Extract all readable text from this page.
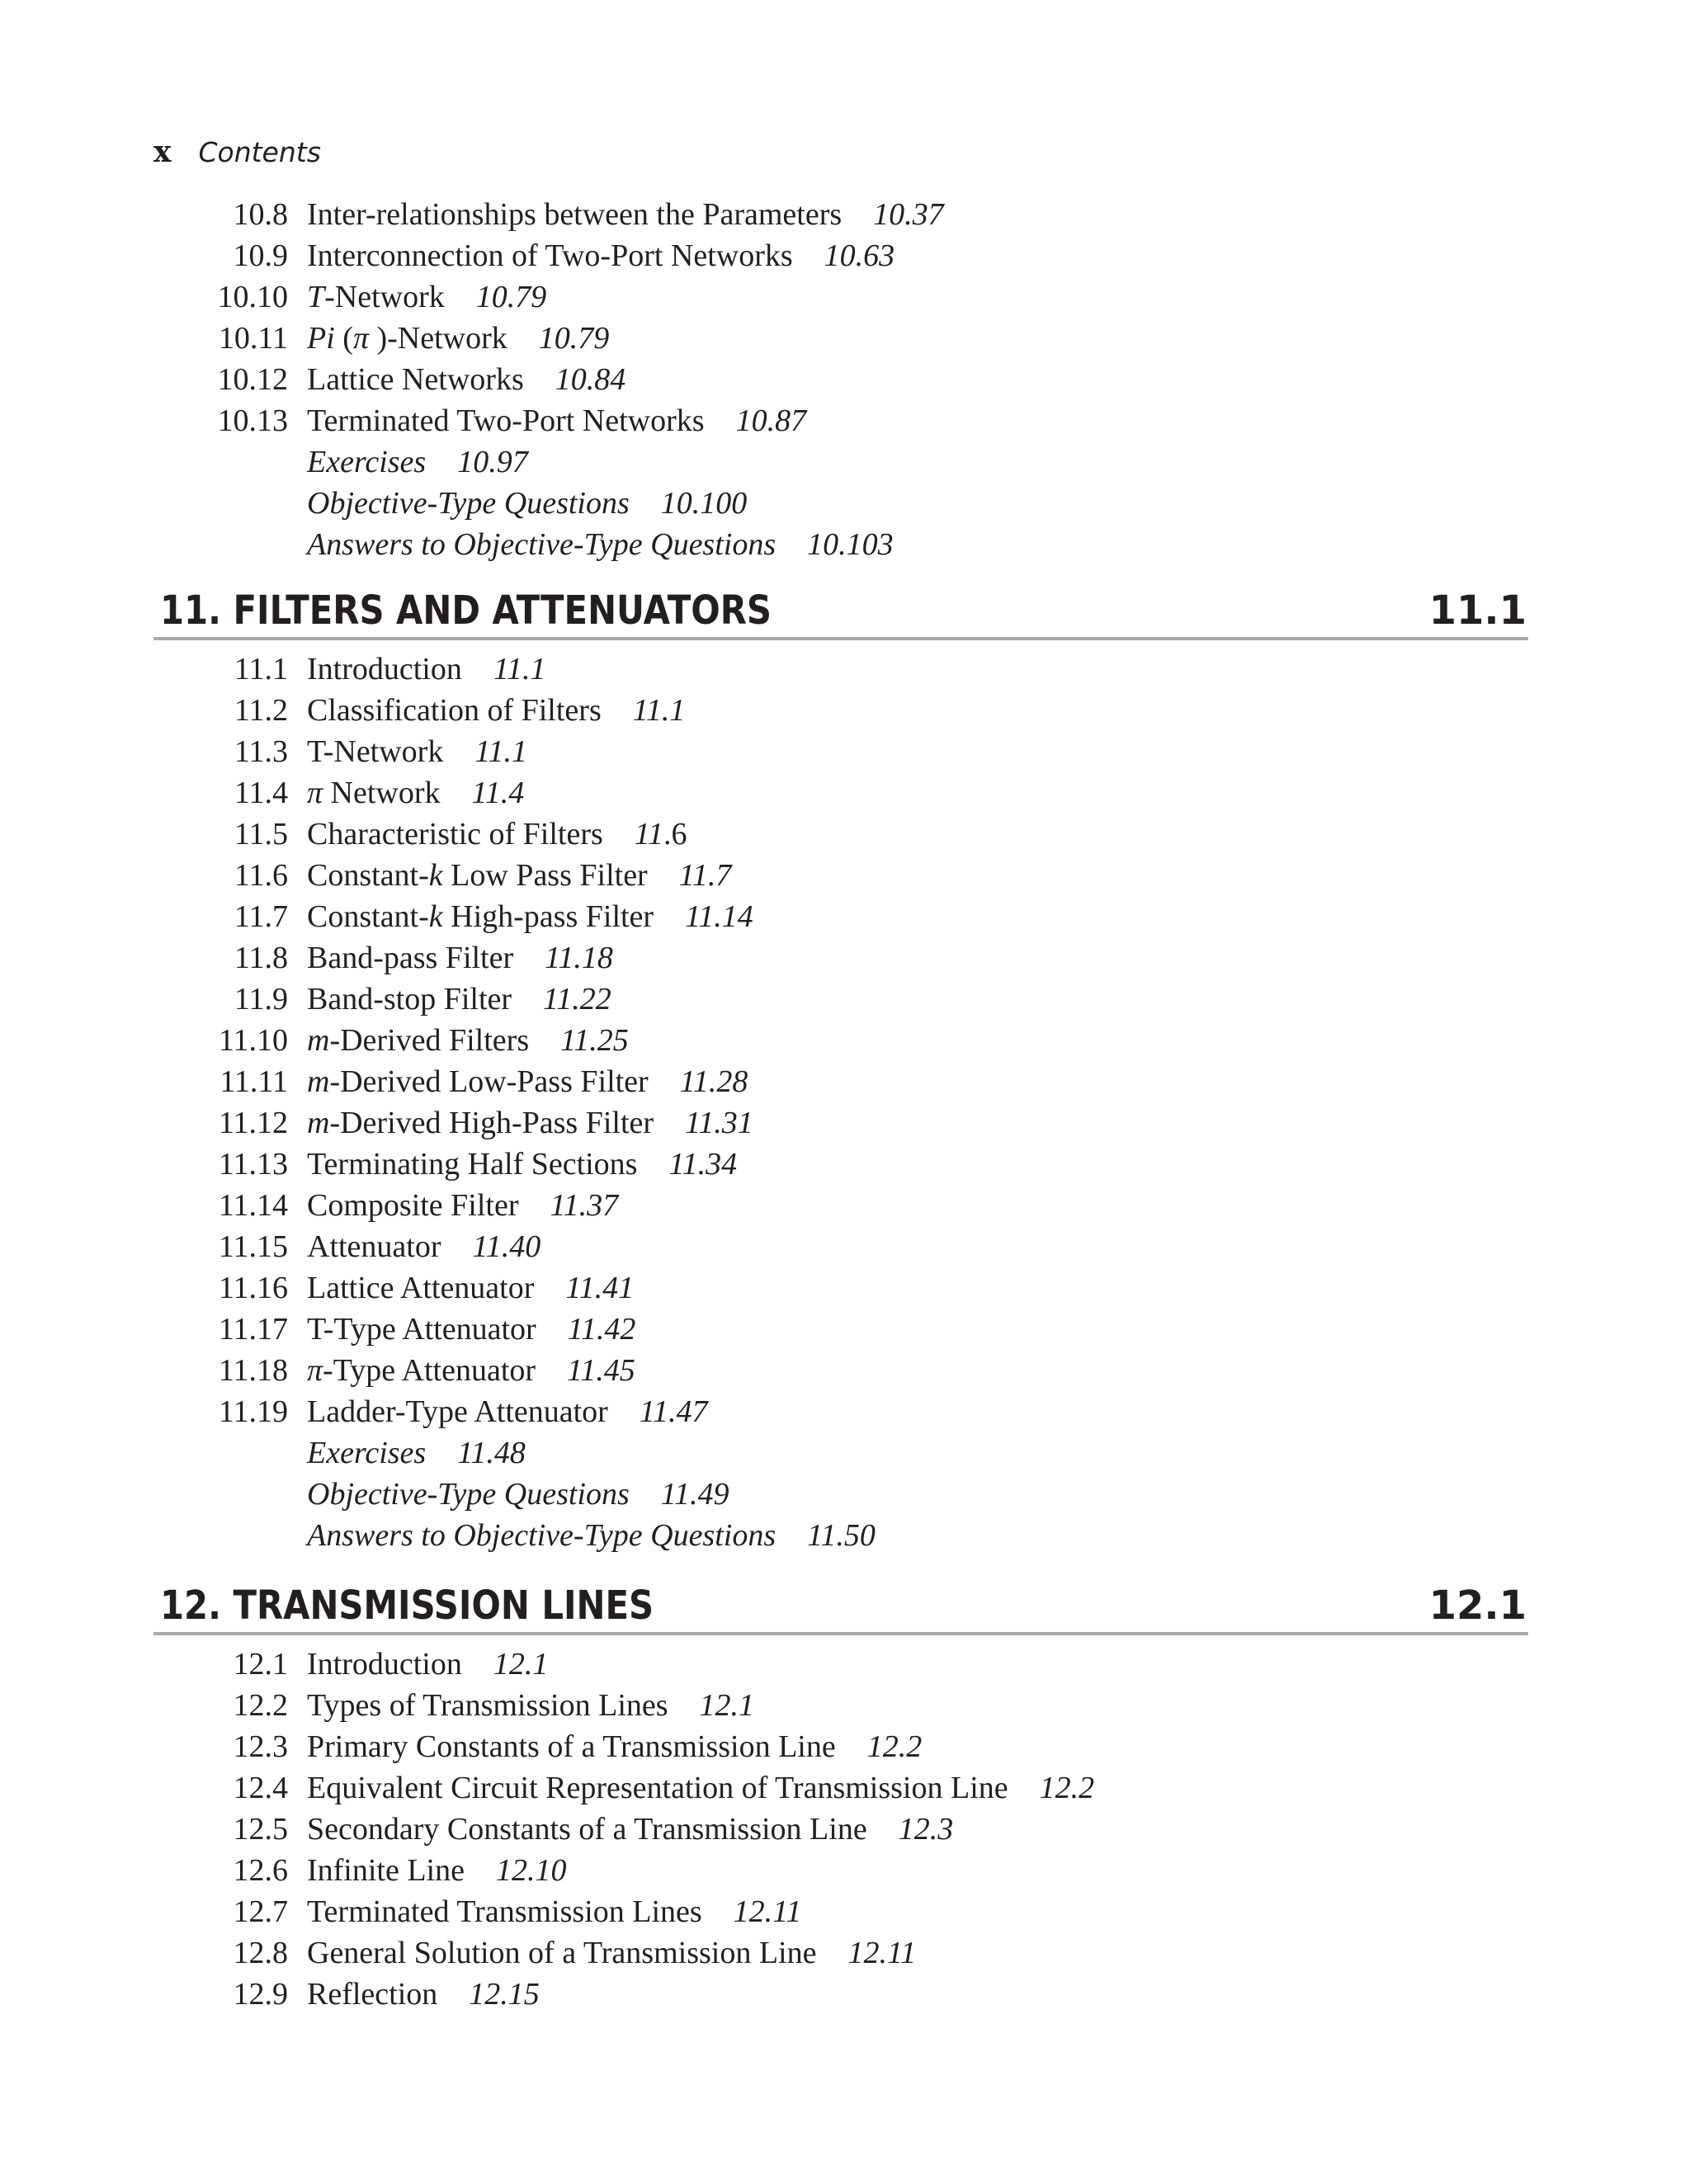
x Contents
10.8 Inter-relationships between the Parameters 10.37
10.9 Interconnection of Two-Port Networks 10.63
10.10 T-Network 10.79
10.11 Pi (π )-Network 10.79
10.12 Lattice Networks 10.84
10.13 Terminated Two-Port Networks 10.87
Exercises 10.97
Objective-Type Questions 10.100
Answers to Objective-Type Questions 10.103
11. FILTERS AND ATTENUATORS	11.1
11.1 Introduction 11.1
11.2 Classification of Filters 11.1
11.3 T-Network 11.1
11.4 π Network 11.4
11.5 Characteristic of Filters 11.6
11.6 Constant-k Low Pass Filter 11.7
11.7 Constant-k High-pass Filter 11.14
11.8 Band-pass Filter 11.18
11.9 Band-stop Filter 11.22
11.10 m-Derived Filters 11.25
11.11 m-Derived Low-Pass Filter 11.28
11.12 m-Derived High-Pass Filter 11.31
11.13 Terminating Half Sections 11.34
11.14 Composite Filter 11.37
11.15 Attenuator 11.40
11.16 Lattice Attenuator 11.41
11.17 T-Type Attenuator 11.42
11.18 π-Type Attenuator 11.45
11.19 Ladder-Type Attenuator 11.47
Exercises 11.48
Objective-Type Questions 11.49
Answers to Objective-Type Questions 11.50
12. TRANSMISSION LINES	12.1
12.1 Introduction 12.1
12.2 Types of Transmission Lines 12.1
12.3 Primary Constants of a Transmission Line 12.2
12.4 Equivalent Circuit Representation of Transmission Line 12.2
12.5 Secondary Constants of a Transmission Line 12.3
12.6 Infinite Line 12.10
12.7 Terminated Transmission Lines 12.11
12.8 General Solution of a Transmission Line 12.11
12.9 Reflection 12.15
